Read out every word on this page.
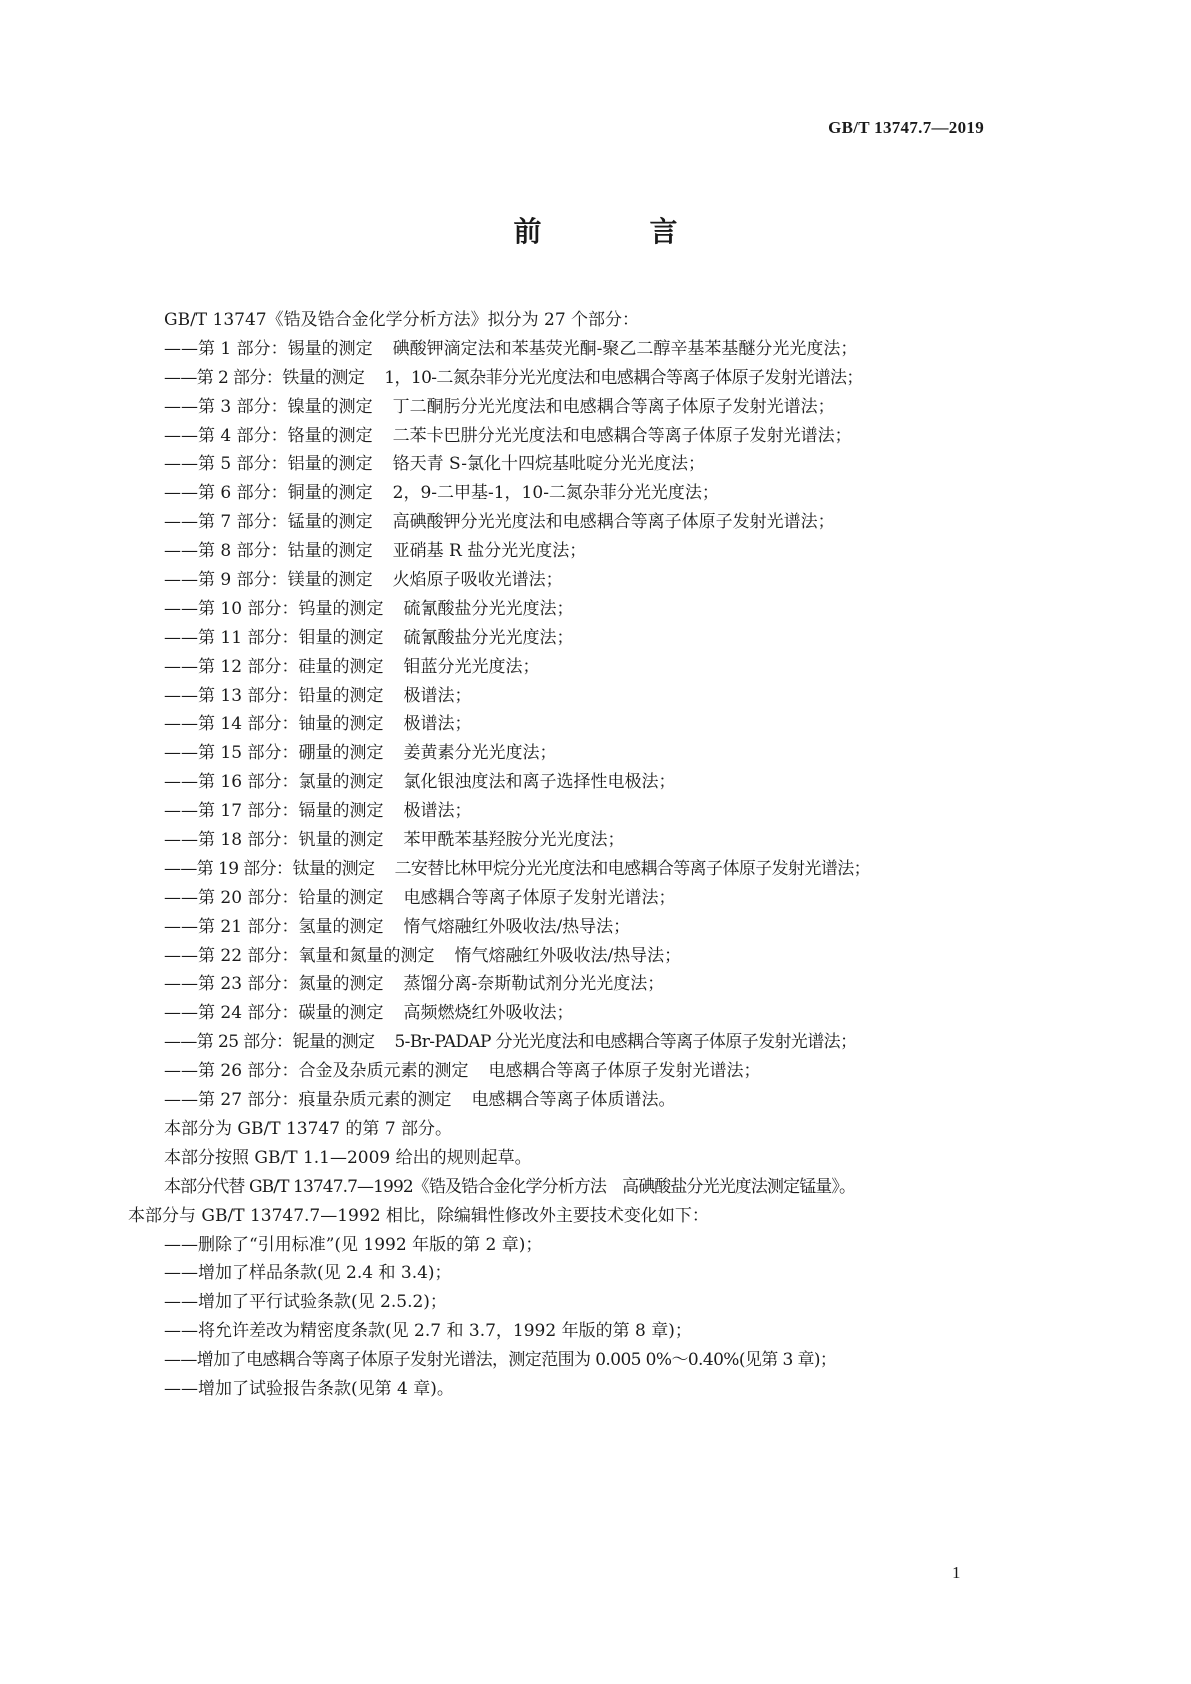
GB/T 13747.7—2019
前　言
GB/T 13747《锆及锆合金化学分析方法》拟分为 27 个部分：
——第 1 部分：锡量的测定 碘酸钾滴定法和苯基荧光酮-聚乙二醇辛基苯基醚分光光度法；
——第 2 部分：铁量的测定 1，10-二氮杂菲分光光度法和电感耦合等离子体原子发射光谱法；
——第 3 部分：镍量的测定 丁二酮肟分光光度法和电感耦合等离子体原子发射光谱法；
——第 4 部分：铬量的测定 二苯卡巴肼分光光度法和电感耦合等离子体原子发射光谱法；
——第 5 部分：铝量的测定 铬天青 S-氯化十四烷基吡啶分光光度法；
——第 6 部分：铜量的测定 2，9-二甲基-1，10-二氮杂菲分光光度法；
——第 7 部分：锰量的测定 高碘酸钾分光光度法和电感耦合等离子体原子发射光谱法；
——第 8 部分：钴量的测定 亚硝基 R 盐分光光度法；
——第 9 部分：镁量的测定 火焰原子吸收光谱法；
——第 10 部分：钨量的测定 硫氰酸盐分光光度法；
——第 11 部分：钼量的测定 硫氰酸盐分光光度法；
——第 12 部分：硅量的测定 钼蓝分光光度法；
——第 13 部分：铅量的测定 极谱法；
——第 14 部分：铀量的测定 极谱法；
——第 15 部分：硼量的测定 姜黄素分光光度法；
——第 16 部分：氯量的测定 氯化银浊度法和离子选择性电极法；
——第 17 部分：镉量的测定 极谱法；
——第 18 部分：钒量的测定 苯甲酰苯基羟胺分光光度法；
——第 19 部分：钛量的测定 二安替比林甲烷分光光度法和电感耦合等离子体原子发射光谱法；
——第 20 部分：铪量的测定 电感耦合等离子体原子发射光谱法；
——第 21 部分：氢量的测定 惰气熔融红外吸收法/热导法；
——第 22 部分：氧量和氮量的测定 惰气熔融红外吸收法/热导法；
——第 23 部分：氮量的测定 蒸馏分离-奈斯勒试剂分光光度法；
——第 24 部分：碳量的测定 高频燃烧红外吸收法；
——第 25 部分：铌量的测定 5-Br-PADAP 分光光度法和电感耦合等离子体原子发射光谱法；
——第 26 部分：合金及杂质元素的测定 电感耦合等离子体原子发射光谱法；
——第 27 部分：痕量杂质元素的测定 电感耦合等离子体质谱法。
本部分为 GB/T 13747 的第 7 部分。
本部分按照 GB/T 1.1—2009 给出的规则起草。
本部分代替 GB/T 13747.7—1992《锆及锆合金化学分析方法　高碘酸盐分光光度法测定锰量》。
本部分与 GB/T 13747.7—1992 相比，除编辑性修改外主要技术变化如下：
——删除了“引用标准”(见 1992 年版的第 2 章)；
——增加了样品条款(见 2.4 和 3.4)；
——增加了平行试验条款(见 2.5.2)；
——将允许差改为精密度条款(见 2.7 和 3.7，1992 年版的第 8 章)；
——增加了电感耦合等离子体原子发射光谱法，测定范围为 0.005 0%～0.40%(见第 3 章)；
——增加了试验报告条款(见第 4 章)。
1
